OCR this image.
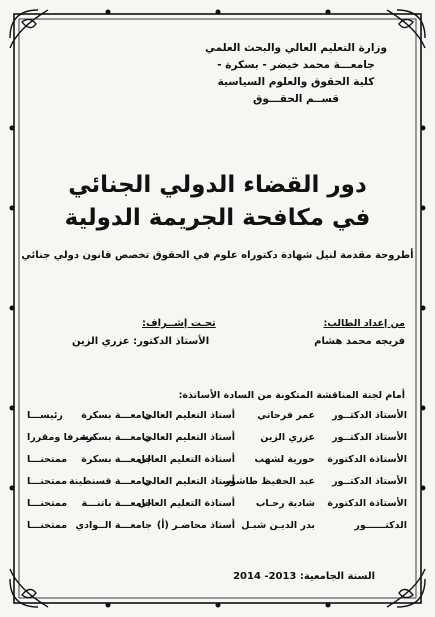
وزارة التعليم العالي والبحث العلمي
جامعـــة محمد خيضر - بسكرة -
كلية الحقوق والعلوم السياسية
قســم الحقـــوق
دور القضاء الدولي الجنائي
في مكافحة الجريمة الدولية
أطروحة مقدمة لنيل شهادة دكتوراه علوم في الحقوق تخصص قانون دولي جنائي
من إعداد الطالب:
فريجه محمد هشام
تحـت إشــراف:
الأستاذ الدكتور: عزري الزين
أمام لجنة المناقشة المتكونة من السادة الأساتذة:
الأستاذ الدكتــور
عمر فرحاتي
أستاذ التعليم العالي
جامعـــة بسكرة
رئيســـا
الأستاذ الدكتــور
عزري الزين
أستاذ التعليم العالي
جامعـــة بسكرة
مشرفا ومقررا
الأستاذة الدكتورة
حورية لشهب
أستاذة التعليم العالي
جامعـــة بسكرة
ممتحنـــا
الأستاذ الدكتــور
عبد الحفيظ طاشور
أستاذ التعليم العالي
جامعـــة قسنطينة
ممتحنـــا
الأستاذة الدكتورة
شادية رحـاب
أستاذة التعليم العالي
جامعـــة باتنـــة
ممتحنـــا
الدكتــــــور
بدر الديـن شبـل
أستاذ محاضـر (أ)
جامعـــة الــوادي
ممتحنـــا
السنة الجامعية: 2013- 2014
